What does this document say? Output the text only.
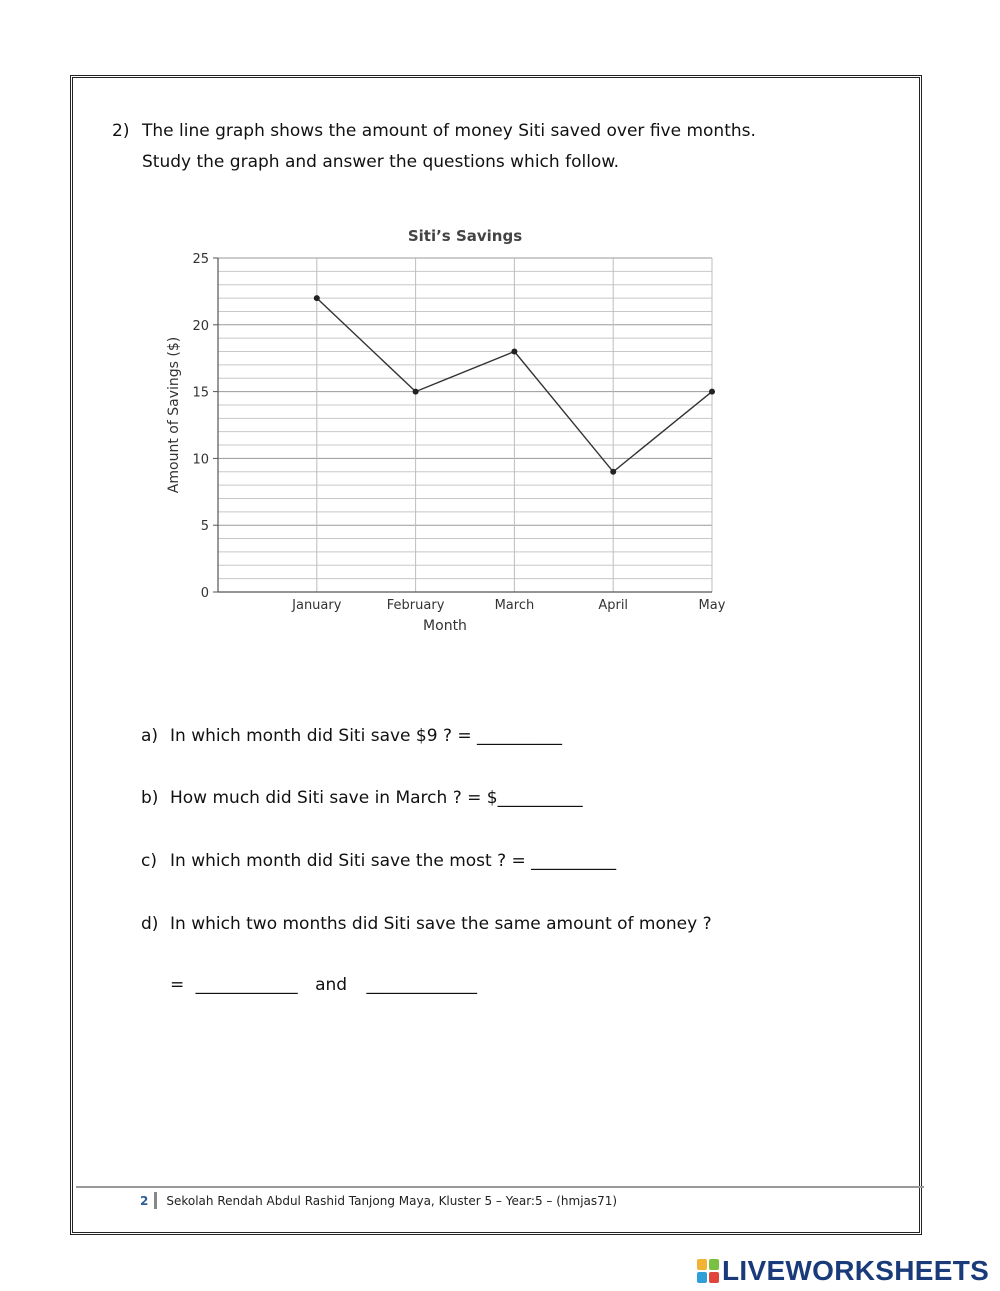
2) The line graph shows the amount of money Siti saved over five months.
Study the graph and answer the questions which follow.
0
5
10
15
20
25
January	February	March	April	May
Siti’s Savings
Month
Amount of Savings ($)
a) In which month did Siti save $9 ? = __________
b) How much did Siti save in March ? = $__________
c) In which month did Siti save the most ? = __________
d) In which two months did Siti save the same amount of money ?
= ____________ and _____________
2 Sekolah Rendah Abdul Rashid Tanjong Maya, Kluster 5 – Year:5 – (hmjas71)
LIVEWORKSHEETS
